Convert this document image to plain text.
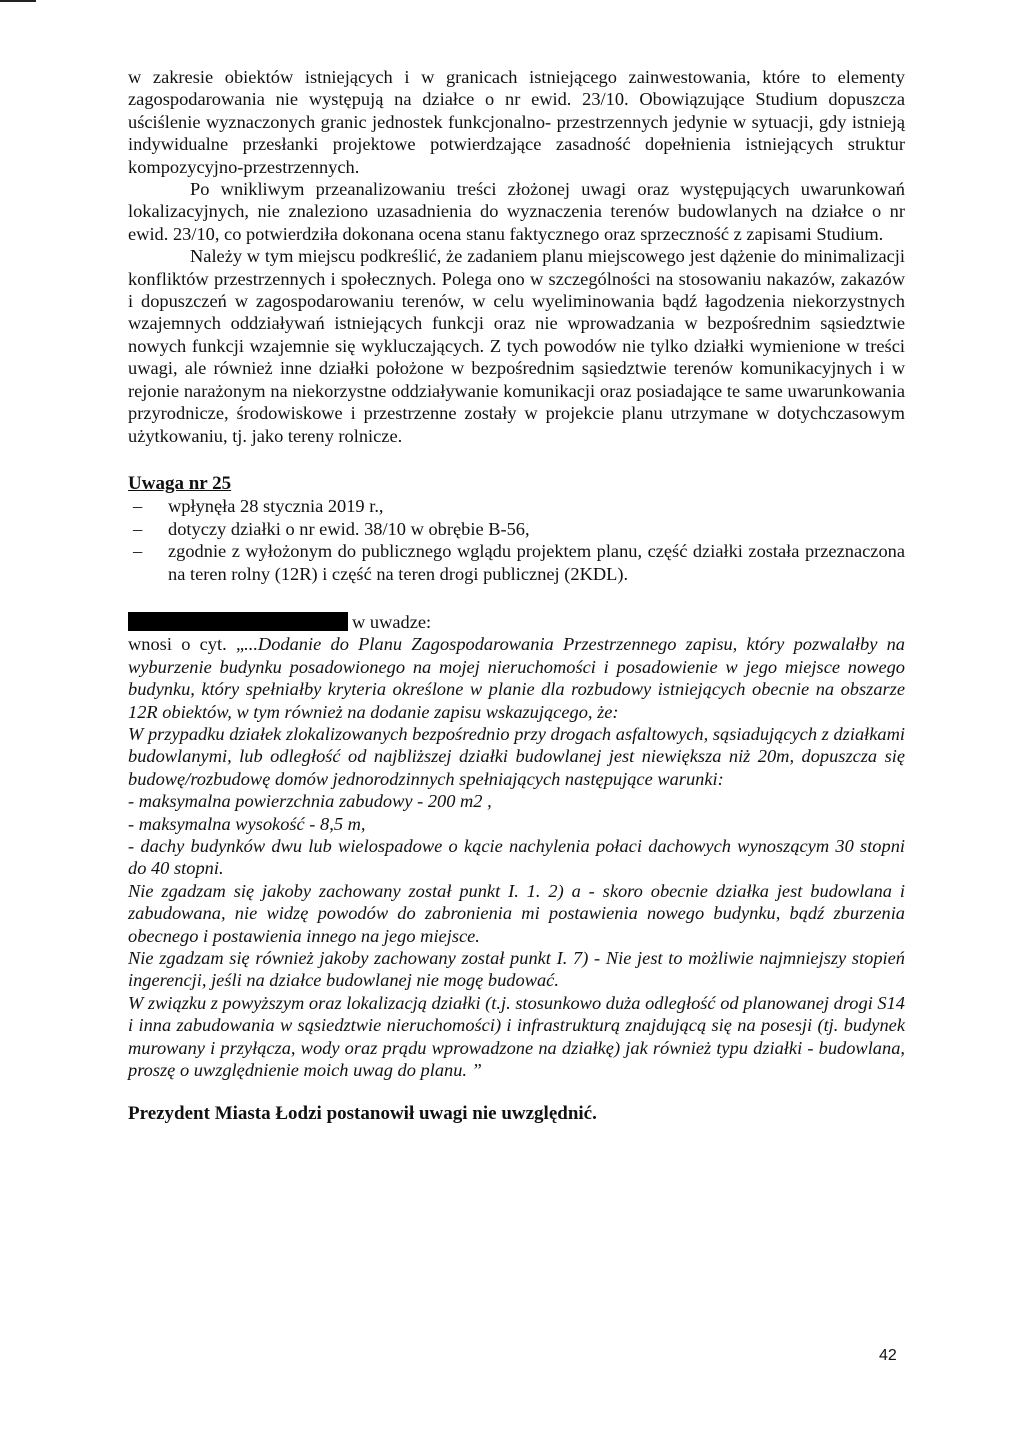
w zakresie obiektów istniejących i w granicach istniejącego zainwestowania, które to elementy zagospodarowania nie występują na działce o nr ewid. 23/10. Obowiązujące Studium dopuszcza uściślenie wyznaczonych granic jednostek funkcjonalno- przestrzennych jedynie w sytuacji, gdy istnieją indywidualne przesłanki projektowe potwierdzające zasadność dopełnienia istniejących struktur kompozycyjno-przestrzennych.

Po wnikliwym przeanalizowaniu treści złożonej uwagi oraz występujących uwarunkowań lokalizacyjnych, nie znaleziono uzasadnienia do wyznaczenia terenów budowlanych na działce o nr ewid. 23/10, co potwierdziła dokonana ocena stanu faktycznego oraz sprzeczność z zapisami Studium.

Należy w tym miejscu podkreślić, że zadaniem planu miejscowego jest dążenie do minimalizacji konfliktów przestrzennych i społecznych. Polega ono w szczególności na stosowaniu nakazów, zakazów i dopuszczeń w zagospodarowaniu terenów, w celu wyeliminowania bądź łagodzenia niekorzystnych wzajemnych oddziaływań istniejących funkcji oraz nie wprowadzania w bezpośrednim sąsiedztwie nowych funkcji wzajemnie się wykluczających. Z tych powodów nie tylko działki wymienione w treści uwagi, ale również inne działki położone w bezpośrednim sąsiedztwie terenów komunikacyjnych i w rejonie narażonym na niekorzystne oddziaływanie komunikacji oraz posiadające te same uwarunkowania przyrodnicze, środowiskowe i przestrzenne zostały w projekcie planu utrzymane w dotychczasowym użytkowaniu, tj. jako tereny rolnicze.

Uwaga nr 25

– wpłynęła 28 stycznia 2019 r.,
– dotyczy działki o nr ewid. 38/10 w obrębie B-56,
– zgodnie z wyłożonym do publicznego wglądu projektem planu, część działki została przeznaczona na teren rolny (12R) i część na teren drogi publicznej (2KDL).

w uwadze:

wnosi o cyt. „...Dodanie do Planu Zagospodarowania Przestrzennego zapisu, który pozwalałby na wyburzenie budynku posadowionego na mojej nieruchomości i posadowienie w jego miejsce nowego budynku, który spełniałby kryteria określone w planie dla rozbudowy istniejących obecnie na obszarze 12R obiektów, w tym również na dodanie zapisu wskazującego, że:

W przypadku działek zlokalizowanych bezpośrednio przy drogach asfaltowych, sąsiadujących z działkami budowlanymi, lub odległość od najbliższej działki budowlanej jest niewiększa niż 20m, dopuszcza się budowę/rozbudowę domów jednorodzinnych spełniających następujące warunki:

- maksymalna powierzchnia zabudowy - 200 m2 ,

- maksymalna wysokość - 8,5 m,

- dachy budynków dwu lub wielospadowe o kącie nachylenia połaci dachowych wynoszącym 30 stopni do 40 stopni.

Nie zgadzam się jakoby zachowany został punkt I. 1. 2) a - skoro obecnie działka jest budowlana i zabudowana, nie widzę powodów do zabronienia mi postawienia nowego budynku, bądź zburzenia obecnego i postawienia innego na jego miejsce.

Nie zgadzam się również jakoby zachowany został punkt I. 7) - Nie jest to możliwie najmniejszy stopień ingerencji, jeśli na działce budowlanej nie mogę budować.

W związku z powyższym oraz lokalizacją działki (t.j. stosunkowo duża odległość od planowanej drogi S14 i inna zabudowania w sąsiedztwie nieruchomości) i infrastrukturą znajdującą się na posesji (tj. budynek murowany i przyłącza, wody oraz prądu wprowadzone na działkę) jak również typu działki - budowlana, proszę o uwzględnienie moich uwag do planu. ”

Prezydent Miasta Łodzi postanowił uwagi nie uwzględnić.

42
